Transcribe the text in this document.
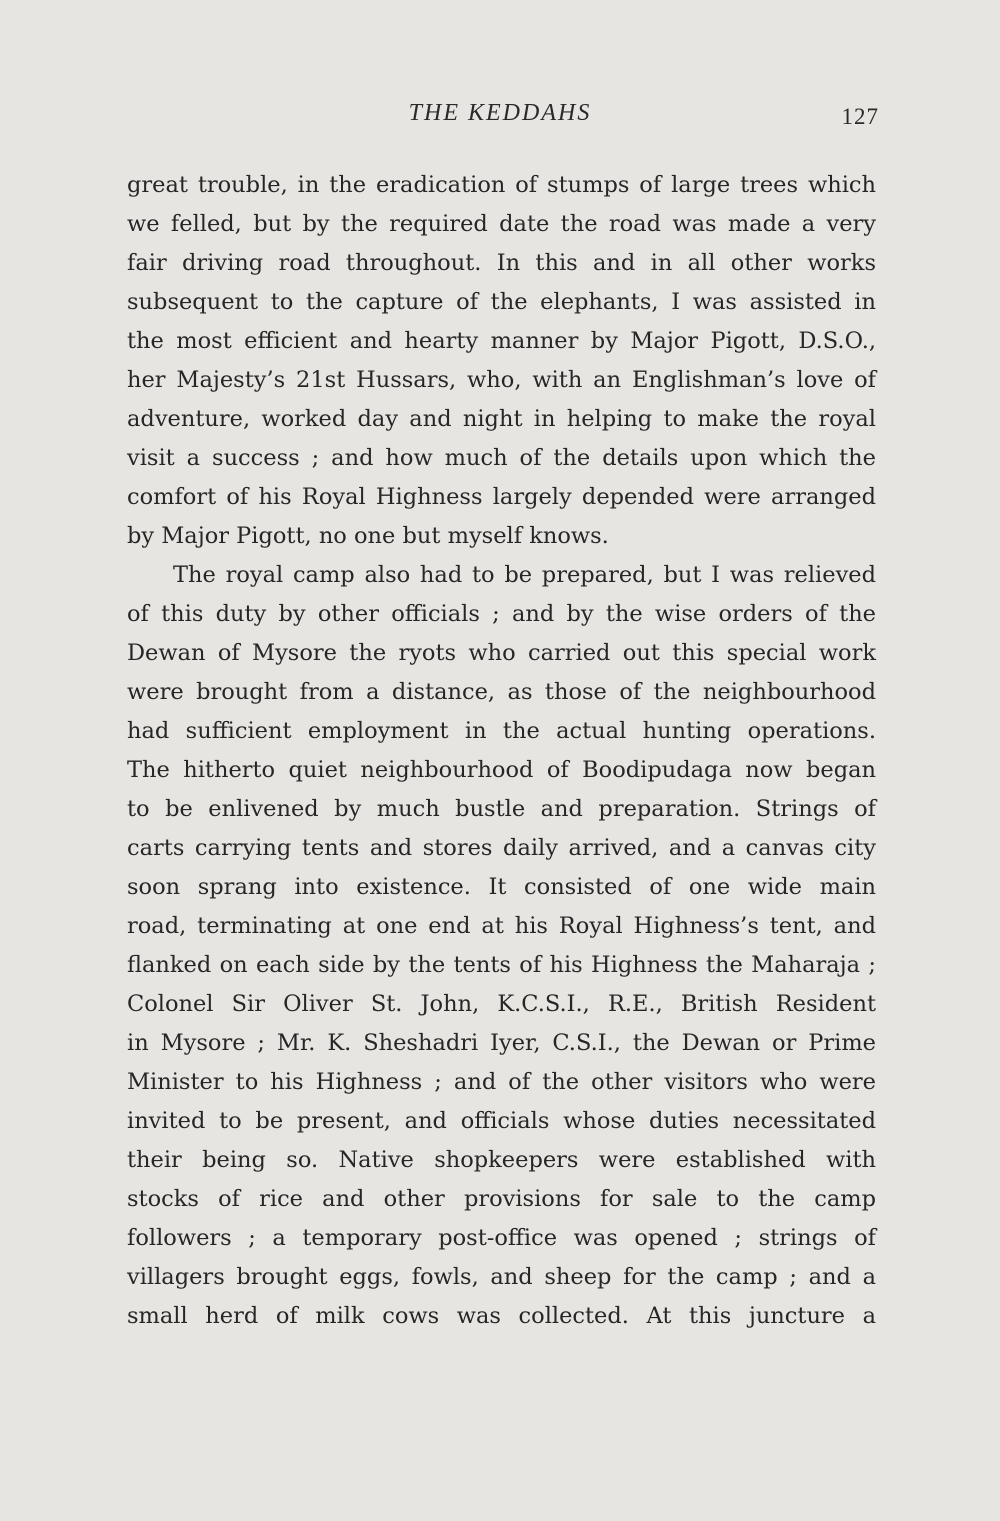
THE KEDDAHS	127
great trouble, in the eradication of stumps of large trees which
we felled, but by the required date the road was made a very
fair driving road throughout. In this and in all other works
subsequent to the capture of the elephants, I was assisted in
the most efficient and hearty manner by Major Pigott, D.S.O.,
her Majesty’s 21st Hussars, who, with an Englishman’s love of
adventure, worked day and night in helping to make the royal
visit a success ; and how much of the details upon which the
comfort of his Royal Highness largely depended were arranged
by Major Pigott, no one but myself knows.
The royal camp also had to be prepared, but I was relieved
of this duty by other officials ; and by the wise orders of the
Dewan of Mysore the ryots who carried out this special work
were brought from a distance, as those of the neighbourhood
had sufficient employment in the actual hunting operations.
The hitherto quiet neighbourhood of Boodipudaga now began
to be enlivened by much bustle and preparation. Strings of
carts carrying tents and stores daily arrived, and a canvas city
soon sprang into existence. It consisted of one wide main
road, terminating at one end at his Royal Highness’s tent, and
flanked on each side by the tents of his Highness the Maharaja ;
Colonel Sir Oliver St. John, K.C.S.I., R.E., British Resident
in Mysore ; Mr. K. Sheshadri Iyer, C.S.I., the Dewan or Prime
Minister to his Highness ; and of the other visitors who were
invited to be present, and officials whose duties necessitated
their being so. Native shopkeepers were established with
stocks of rice and other provisions for sale to the camp
followers ; a temporary post-office was opened ; strings of
villagers brought eggs, fowls, and sheep for the camp ; and a
small herd of milk cows was collected. At this juncture a
